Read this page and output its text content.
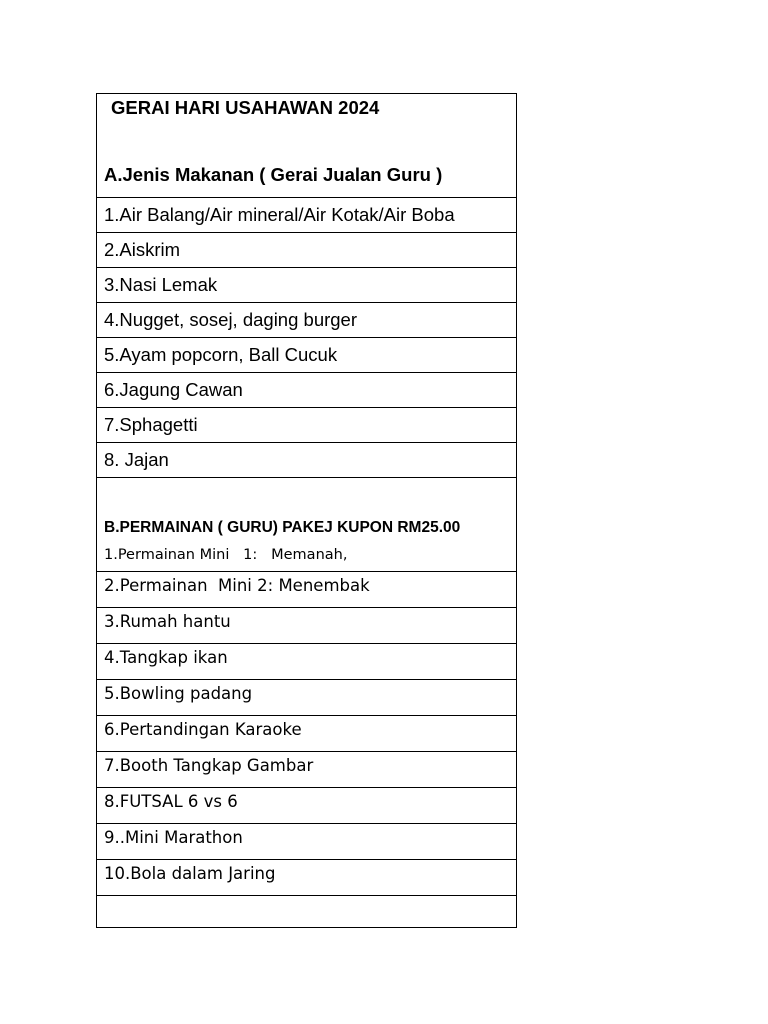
GERAI HARI USAHAWAN 2024
A.Jenis Makanan ( Gerai Jualan Guru )

1.Air Balang/Air mineral/Air Kotak/Air Boba
2.Aiskrim
3.Nasi Lemak
4.Nugget, sosej, daging burger
5.Ayam popcorn, Ball Cucuk
6.Jagung Cawan
7.Sphagetti
8. Jajan

B.PERMAINAN ( GURU) PAKEJ KUPON RM25.00
1.Permainan Mini   1:   Memanah,

2.Permainan  Mini 2: Menembak
3.Rumah hantu
4.Tangkap ikan
5.Bowling padang
6.Pertandingan Karaoke
7.Booth Tangkap Gambar
8.FUTSAL 6 vs 6
9..Mini Marathon
10.Bola dalam Jaring
